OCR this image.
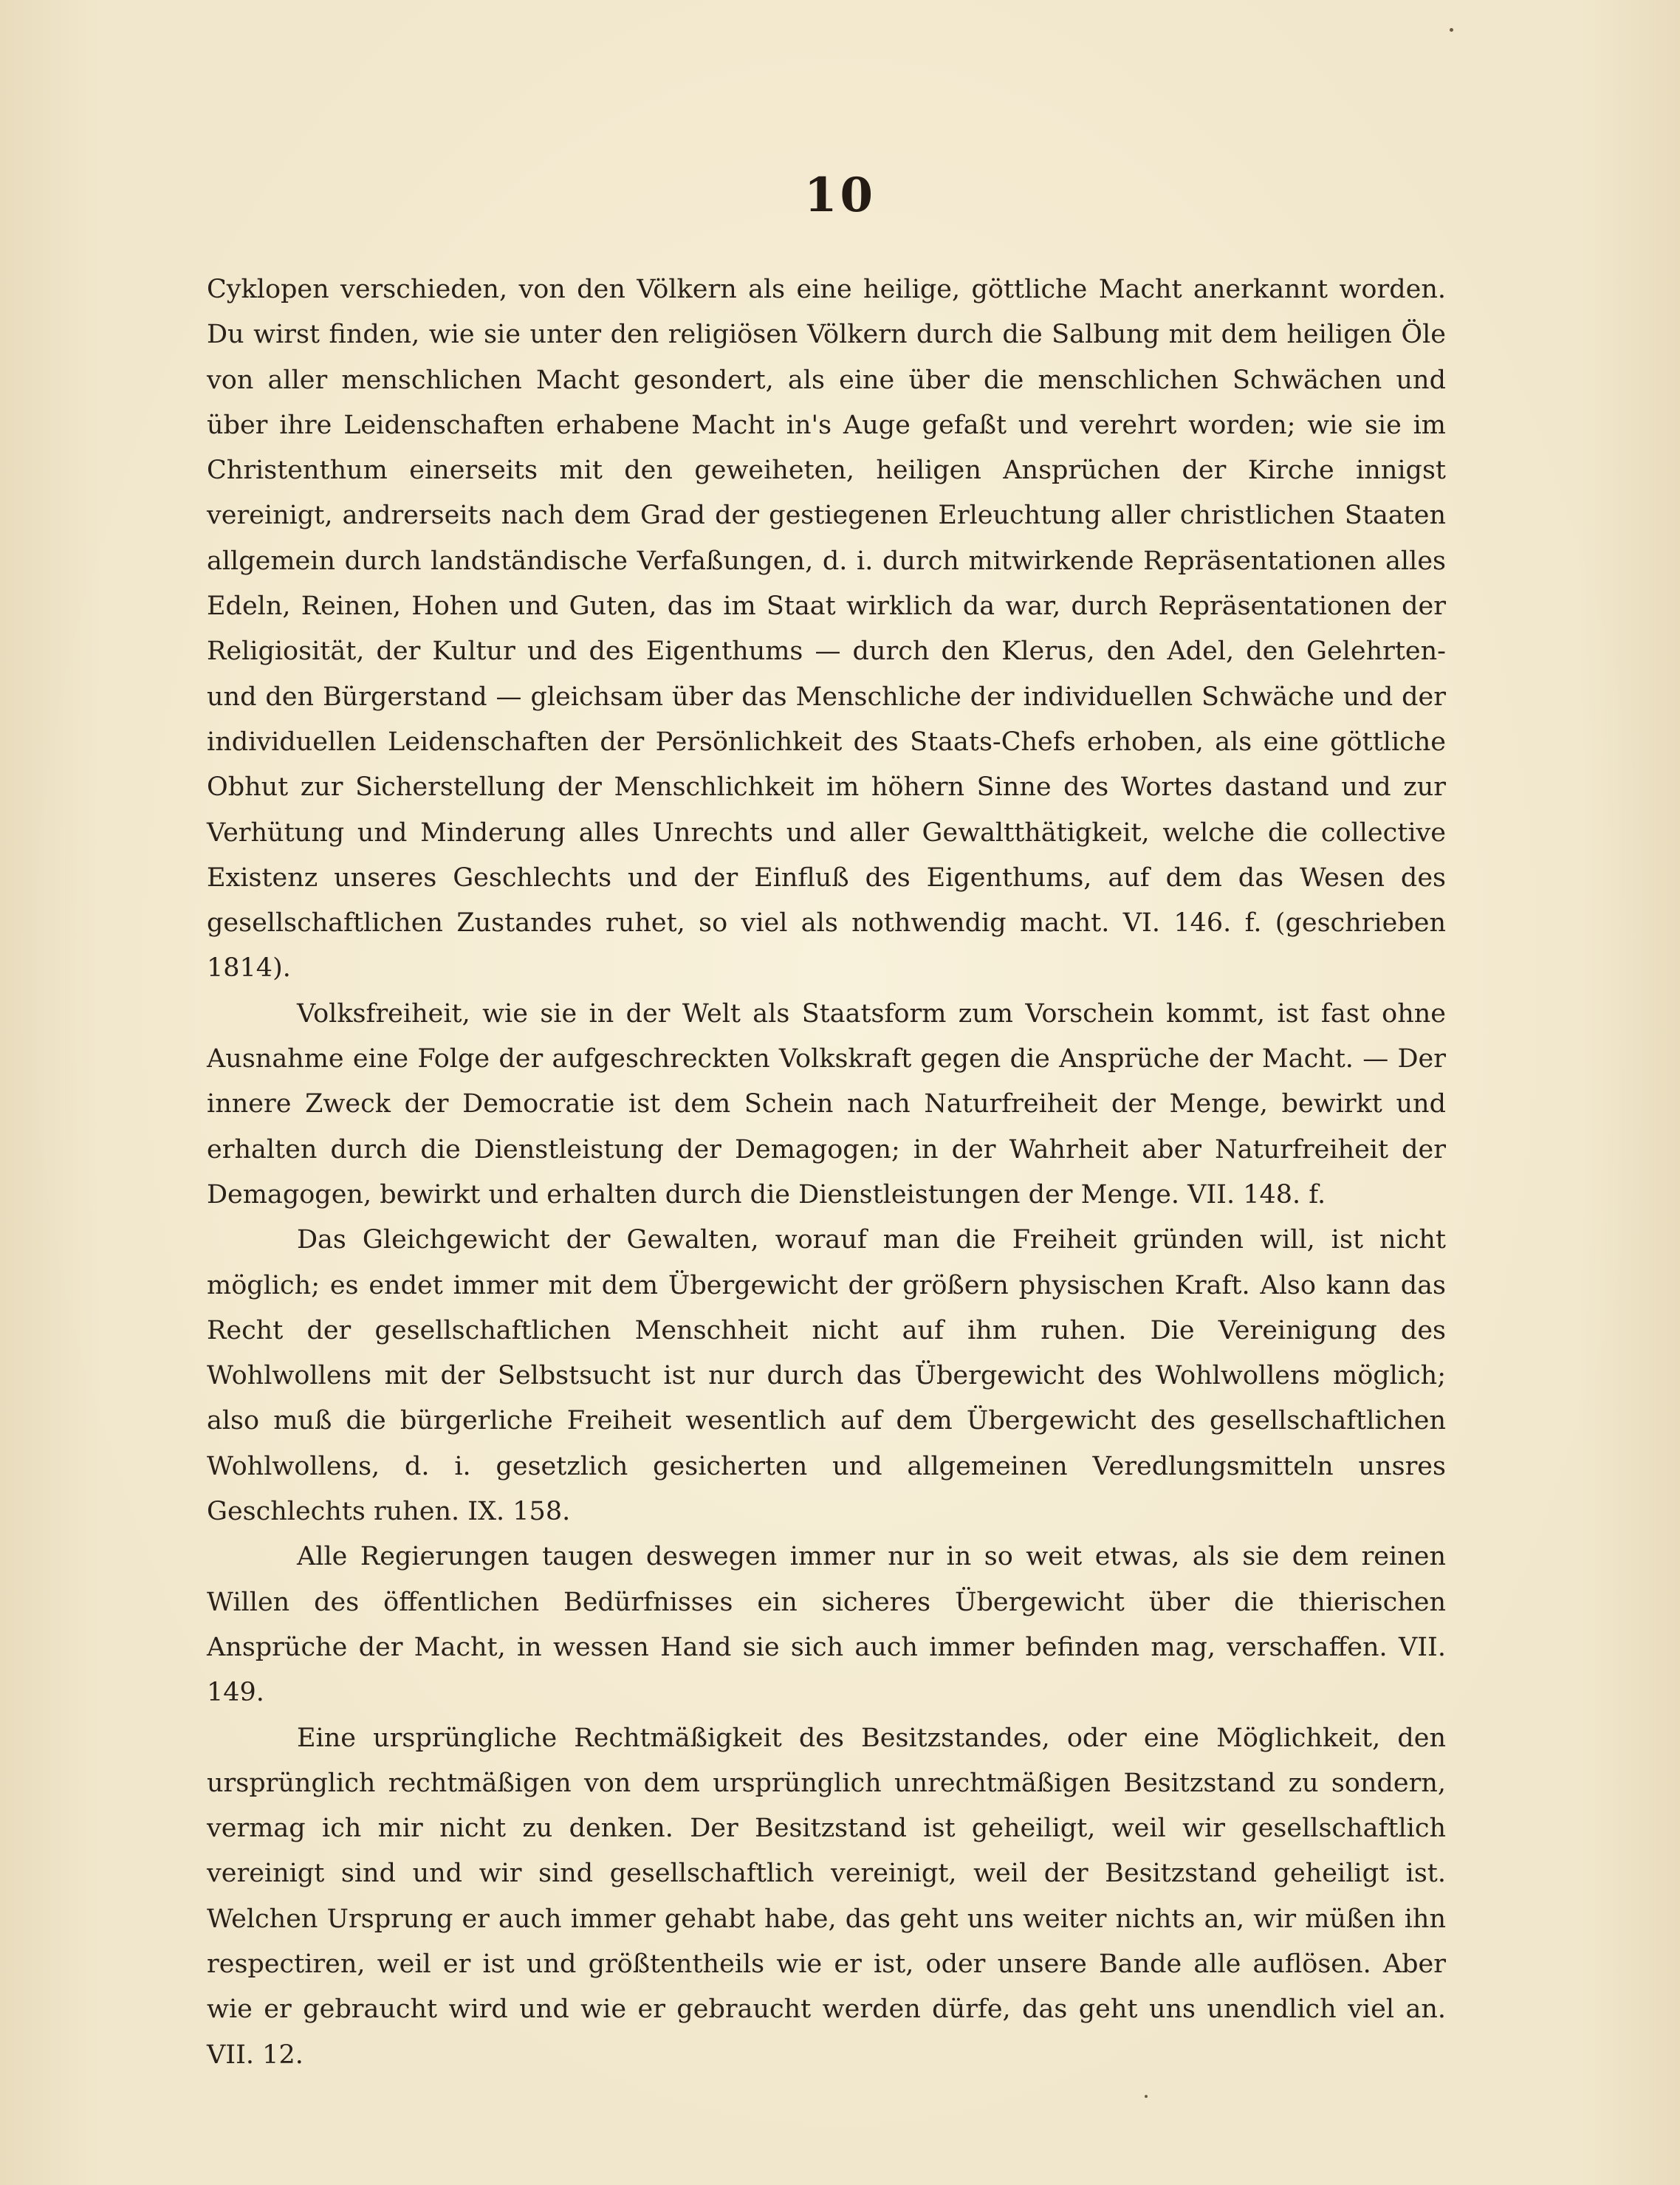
10

Cyklopen verschieden, von den Völkern als eine heilige, göttliche Macht anerkannt worden. Du wirst finden, wie sie unter den religiösen Völkern durch die Salbung mit dem heiligen Öle von aller menschlichen Macht gesondert, als eine über die menschlichen Schwächen und über ihre Leidenschaften erhabene Macht in's Auge gefaßt und verehrt worden; wie sie im Christenthum einerseits mit den geweiheten, heiligen Ansprüchen der Kirche innigst vereinigt, andrerseits nach dem Grad der gestiegenen Erleuchtung aller christlichen Staaten allgemein durch landständische Verfaßungen, d. i. durch mitwirkende Repräsentationen alles Edeln, Reinen, Hohen und Guten, das im Staat wirklich da war, durch Repräsentationen der Religiosität, der Kultur und des Eigenthums — durch den Klerus, den Adel, den Gelehrten- und den Bürgerstand — gleichsam über das Menschliche der individuellen Schwäche und der individuellen Leidenschaften der Persönlichkeit des Staats-Chefs erhoben, als eine göttliche Obhut zur Sicherstellung der Menschlichkeit im höhern Sinne des Wortes dastand und zur Verhütung und Minderung alles Unrechts und aller Gewaltthätigkeit, welche die collective Existenz unseres Geschlechts und der Einfluß des Eigenthums, auf dem das Wesen des gesellschaftlichen Zustandes ruhet, so viel als nothwendig macht. VI. 146. f. (geschrieben 1814).

Volksfreiheit, wie sie in der Welt als Staatsform zum Vorschein kommt, ist fast ohne Ausnahme eine Folge der aufgeschreckten Volkskraft gegen die Ansprüche der Macht. — Der innere Zweck der Democratie ist dem Schein nach Naturfreiheit der Menge, bewirkt und erhalten durch die Dienstleistung der Demagogen; in der Wahrheit aber Naturfreiheit der Demagogen, bewirkt und erhalten durch die Dienstleistungen der Menge. VII. 148. f.

Das Gleichgewicht der Gewalten, worauf man die Freiheit gründen will, ist nicht möglich; es endet immer mit dem Übergewicht der größern physischen Kraft. Also kann das Recht der gesellschaftlichen Menschheit nicht auf ihm ruhen. Die Vereinigung des Wohlwollens mit der Selbstsucht ist nur durch das Übergewicht des Wohlwollens möglich; also muß die bürgerliche Freiheit wesentlich auf dem Übergewicht des gesellschaftlichen Wohlwollens, d. i. gesetzlich gesicherten und allgemeinen Veredlungsmitteln unsres Geschlechts ruhen. IX. 158.

Alle Regierungen taugen deswegen immer nur in so weit etwas, als sie dem reinen Willen des öffentlichen Bedürfnisses ein sicheres Übergewicht über die thierischen Ansprüche der Macht, in wessen Hand sie sich auch immer befinden mag, verschaffen. VII. 149.

Eine ursprüngliche Rechtmäßigkeit des Besitzstandes, oder eine Möglichkeit, den ursprünglich rechtmäßigen von dem ursprünglich unrechtmäßigen Besitzstand zu sondern, vermag ich mir nicht zu denken. Der Besitzstand ist geheiligt, weil wir gesellschaftlich vereinigt sind und wir sind gesellschaftlich vereinigt, weil der Besitzstand geheiligt ist. Welchen Ursprung er auch immer gehabt habe, das geht uns weiter nichts an, wir müßen ihn respectiren, weil er ist und größtentheils wie er ist, oder unsere Bande alle auflösen. Aber wie er gebraucht wird und wie er gebraucht werden dürfe, das geht uns unendlich viel an. VII. 12.
